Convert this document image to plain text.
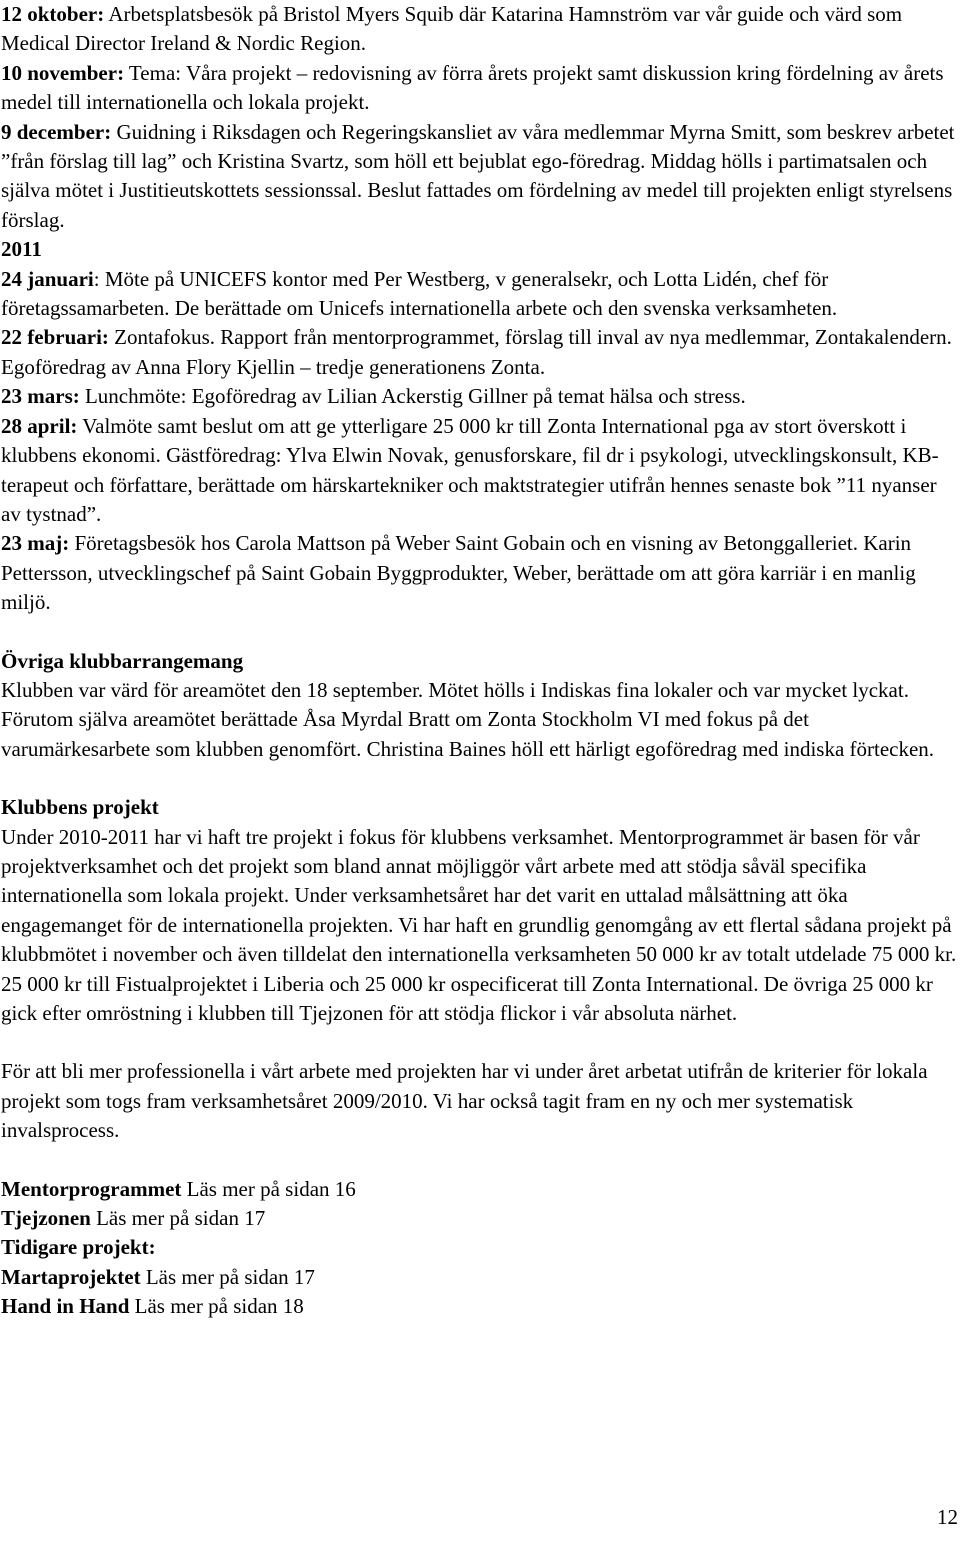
12 oktober: Arbetsplatsbesök på Bristol Myers Squib där Katarina Hamnström var vår guide och värd som Medical Director Ireland & Nordic Region.

10 november: Tema: Våra projekt – redovisning av förra årets projekt samt diskussion kring fördelning av årets medel till internationella och lokala projekt.

9 december: Guidning i Riksdagen och Regeringskansliet av våra medlemmar Myrna Smitt, som beskrev arbetet ”från förslag till lag” och Kristina Svartz, som höll ett bejublat ego-föredrag. Middag hölls i partimatsalen och själva mötet i Justitieutskottets sessionssal. Beslut fattades om fördelning av medel till projekten enligt styrelsens förslag.

2011

24 januari: Möte på UNICEFS kontor med Per Westberg, v generalsekr, och Lotta Lidén, chef för företagssamarbeten. De berättade om Unicefs internationella arbete och den svenska verksamheten.

22 februari: Zontafokus. Rapport från mentorprogrammet, förslag till inval av nya medlemmar, Zontakalendern. Egoföredrag av Anna Flory Kjellin – tredje generationens Zonta.

23 mars: Lunchmöte: Egoföredrag av Lilian Ackerstig Gillner på temat hälsa och stress.

28 april: Valmöte samt beslut om att ge ytterligare 25 000 kr till Zonta International pga av stort överskott i klubbens ekonomi. Gästföredrag: Ylva Elwin Novak, genusforskare, fil dr i psykologi, utvecklingskonsult, KB-terapeut och författare, berättade om härskartekniker och maktstrategier utifrån hennes senaste bok ”11 nyanser av tystnad”.

23 maj: Företagsbesök hos Carola Mattson på Weber Saint Gobain och en visning av Betonggalleriet. Karin Pettersson, utvecklingschef på Saint Gobain Byggprodukter, Weber, berättade om att göra karriär i en manlig miljö.

Övriga klubbarrangemang

Klubben var värd för areamötet den 18 september. Mötet hölls i Indiskas fina lokaler och var mycket lyckat. Förutom själva areamötet berättade Åsa Myrdal Bratt om Zonta Stockholm VI med fokus på det varumärkesarbete som klubben genomfört. Christina Baines höll ett härligt egoföredrag med indiska förtecken.

Klubbens projekt

Under 2010-2011 har vi haft tre projekt i fokus för klubbens verksamhet. Mentorprogrammet är basen för vår projektverksamhet och det projekt som bland annat möjliggör vårt arbete med att stödja såväl specifika internationella som lokala projekt. Under verksamhetsåret har det varit en uttalad målsättning att öka engagemanget för de internationella projekten. Vi har haft en grundlig genomgång av ett flertal sådana projekt på klubbmötet i november och även tilldelat den internationella verksamheten 50 000 kr av totalt utdelade 75 000 kr. 25 000 kr till Fistualprojektet i Liberia och 25 000 kr ospecificerat till Zonta International. De övriga 25 000 kr gick efter omröstning i klubben till Tjejzonen för att stödja flickor i vår absoluta närhet.

För att bli mer professionella i vårt arbete med projekten har vi under året arbetat utifrån de kriterier för lokala projekt som togs fram verksamhetsåret 2009/2010. Vi har också tagit fram en ny och mer systematisk invalsprocess.

Mentorprogrammet Läs mer på sidan 16

Tjejzonen Läs mer på sidan 17

Tidigare projekt:

Martaprojektet Läs mer på sidan 17

Hand in Hand Läs mer på sidan 18

12
